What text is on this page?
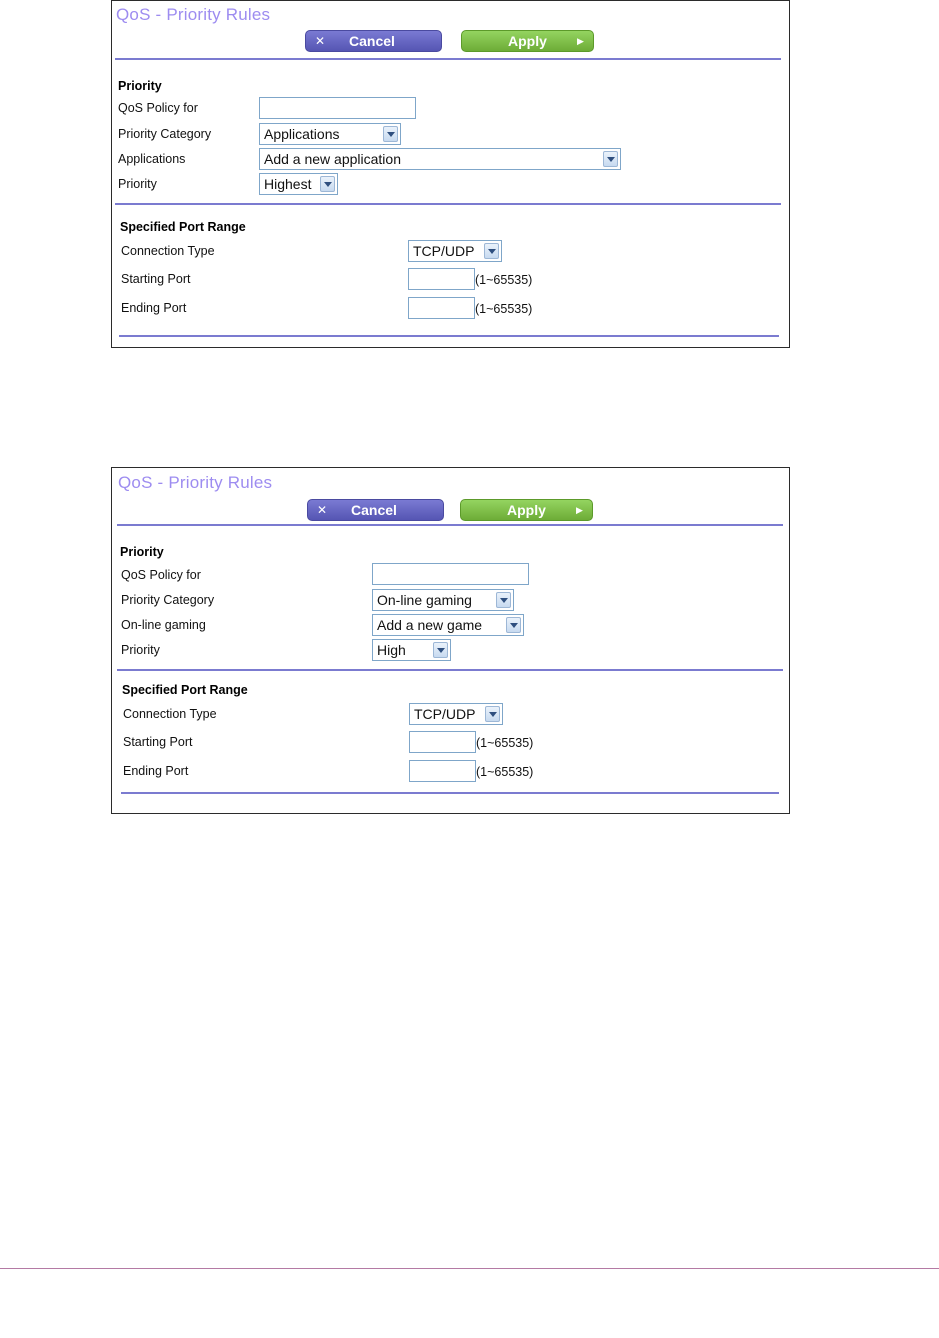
QoS - Priority Rules
✕ Cancel	Apply	▶
Priority
QoS Policy for
Priority Category	Applications
Applications	Add a new application
Priority	Highest
Specified Port Range
Connection Type	TCP/UDP
Starting Port	(1~65535)
Ending Port	(1~65535)
QoS - Priority Rules
✕ Cancel	Apply	▶
Priority
QoS Policy for
Priority Category	On-line gaming
On-line gaming	Add a new game
Priority	High
Specified Port Range
Connection Type	TCP/UDP
Starting Port	(1~65535)
Ending Port	(1~65535)
